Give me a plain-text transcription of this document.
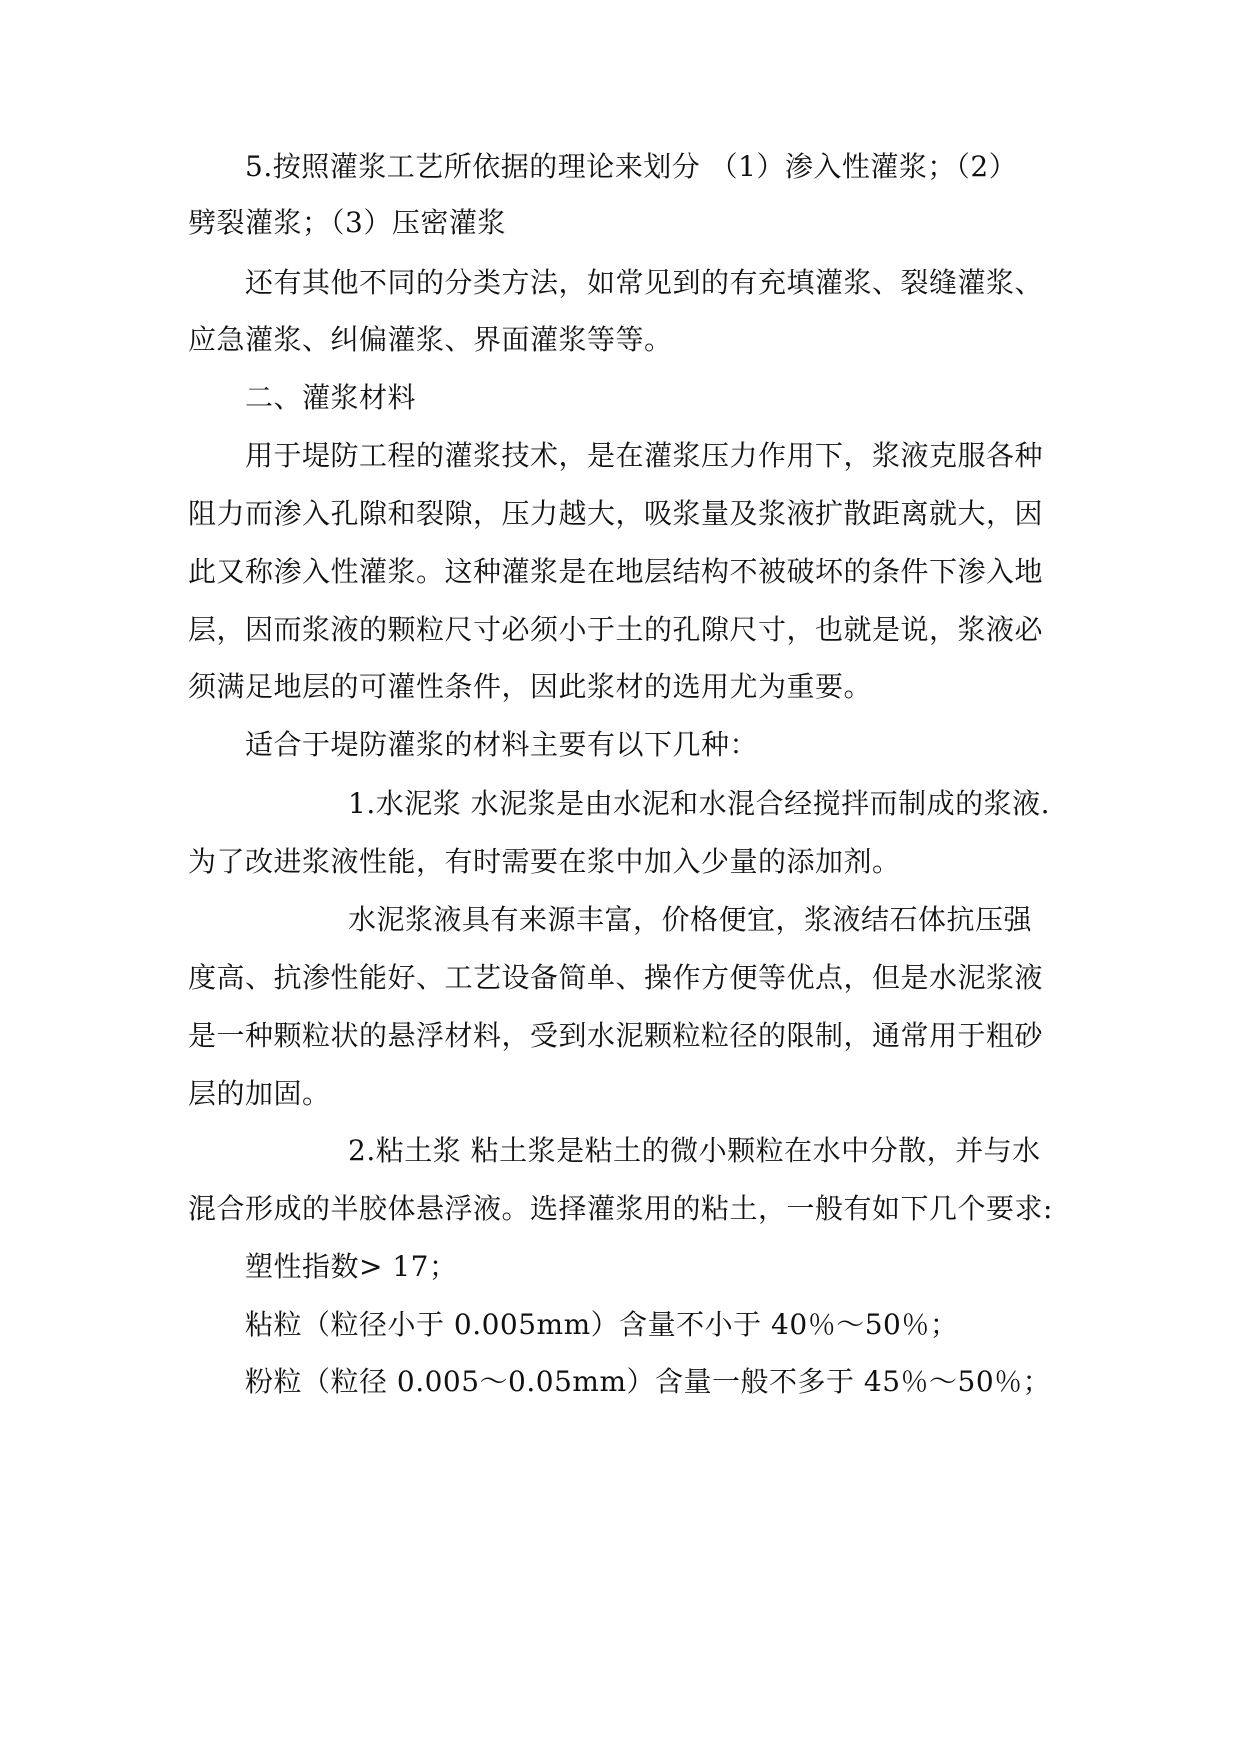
5.按照灌浆工艺所依据的理论来划分 （1）渗入性灌浆；（2）
劈裂灌浆；（3）压密灌浆
还有其他不同的分类方法，如常见到的有充填灌浆、裂缝灌浆、
应急灌浆、纠偏灌浆、界面灌浆等等。
二、灌浆材料
用于堤防工程的灌浆技术，是在灌浆压力作用下，浆液克服各种
阻力而渗入孔隙和裂隙，压力越大，吸浆量及浆液扩散距离就大，因
此又称渗入性灌浆。这种灌浆是在地层结构不被破坏的条件下渗入地
层，因而浆液的颗粒尺寸必须小于土的孔隙尺寸，也就是说，浆液必
须满足地层的可灌性条件，因此浆材的选用尤为重要。
适合于堤防灌浆的材料主要有以下几种：
1.水泥浆 水泥浆是由水泥和水混合经搅拌而制成的浆液.
为了改进浆液性能，有时需要在浆中加入少量的添加剂。
水泥浆液具有来源丰富，价格便宜，浆液结石体抗压强
度高、抗渗性能好、工艺设备简单、操作方便等优点，但是水泥浆液
是一种颗粒状的悬浮材料，受到水泥颗粒粒径的限制，通常用于粗砂
层的加固。
2.粘土浆 粘土浆是粘土的微小颗粒在水中分散，并与水
混合形成的半胶体悬浮液。选择灌浆用的粘土，一般有如下几个要求:
塑性指数> 17；
粘粒（粒径小于 0.005mm）含量不小于 40％～50％；
粉粒（粒径 0.005～0.05mm）含量一般不多于 45％～50％；
